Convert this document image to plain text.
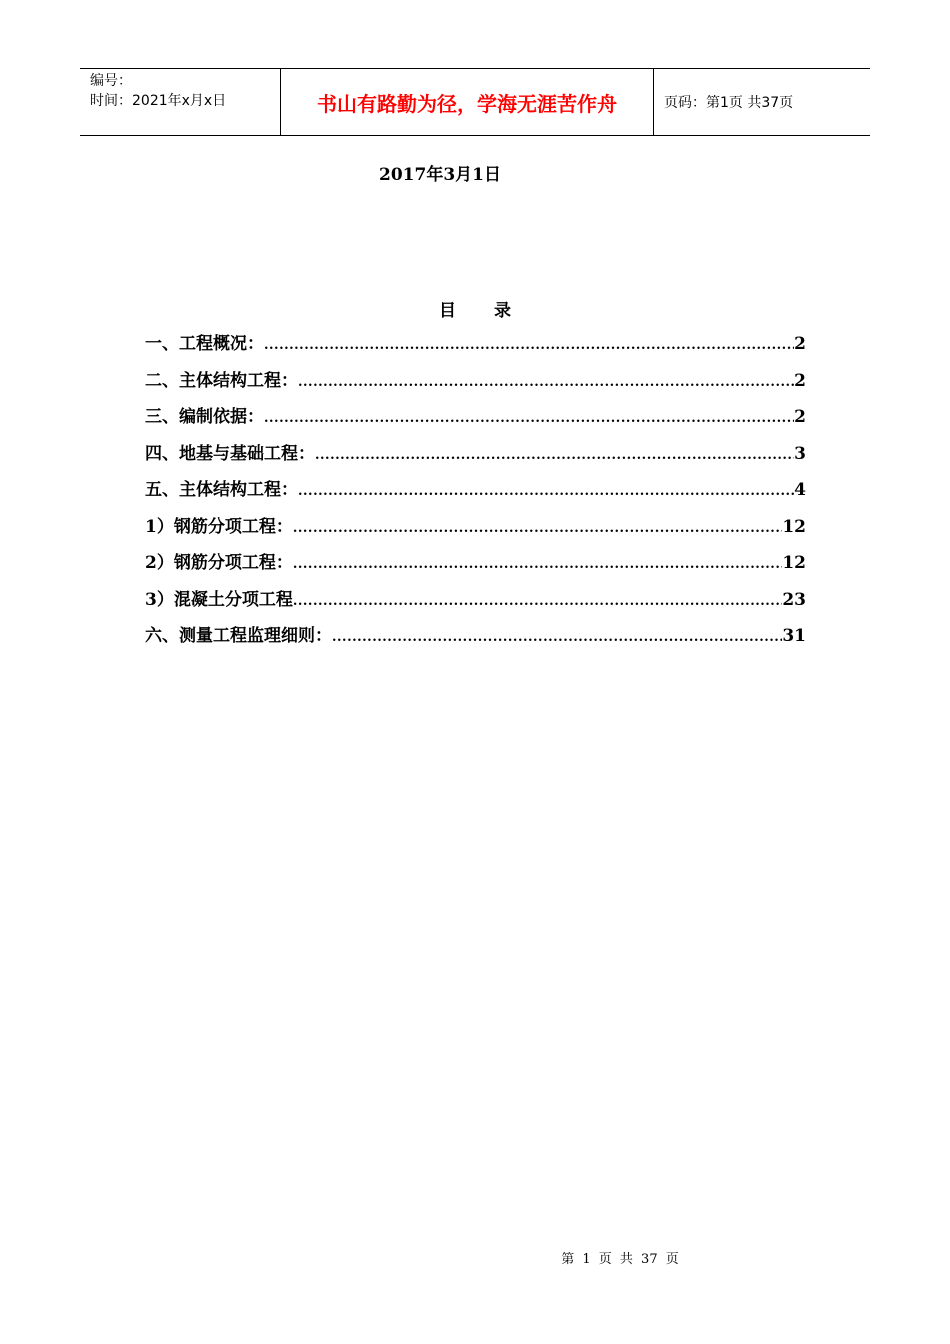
编号：
时间：2021年x月x日	书山有路勤为径，学海无涯苦作舟	页码：第1页 共37页
2017年3月1日
目录
一、工程概况： .....	2
二、主体结构工程： .....	2
三、编制依据： .....	2
四、地基与基础工程： .....	3
五、主体结构工程： .....	4
1）钢筋分项工程： .....	12
2）钢筋分项工程： .....	12
3）混凝土分项工程 .....	23
六、测量工程监理细则： .....	31
第 1 页 共 37 页
